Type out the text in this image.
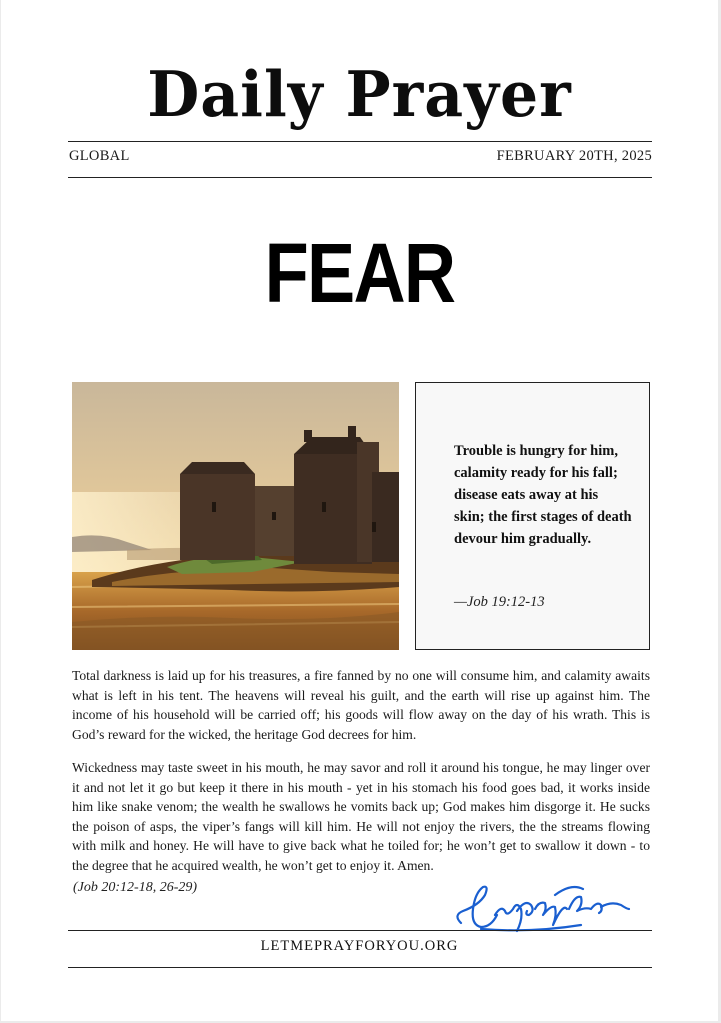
Daily Prayer
GLOBAL	FEBRUARY 20TH, 2025
FEAR
Trouble is hungry for him, calamity ready for his fall; disease eats away at his skin; the first stages of death devour him gradually.
—Job 19:12-13
Total darkness is laid up for his treasures, a fire fanned by no one will consume him, and calamity awaits what is left in his tent. The heavens will reveal his guilt, and the earth will rise up against him. The income of his household will be carried off; his goods will flow away on the day of his wrath. This is God’s reward for the wicked, the heritage God decrees for him.
Wickedness may taste sweet in his mouth, he may savor and roll it around his tongue, he may linger over it and not let it go but keep it there in his mouth - yet in his stomach his food goes bad, it works inside him like snake venom; the wealth he swallows he vomits back up; God makes him disgorge it. He sucks the poison of asps, the viper’s fangs will kill him. He will not enjoy the rivers, the the streams flowing with milk and honey. He will have to give back what he toiled for; he won’t get to swallow it down - to the degree that he acquired wealth, he won’t get to enjoy it. Amen.
(Job 20:12-18, 26-29)
LETMEPRAYFORYOU.ORG
